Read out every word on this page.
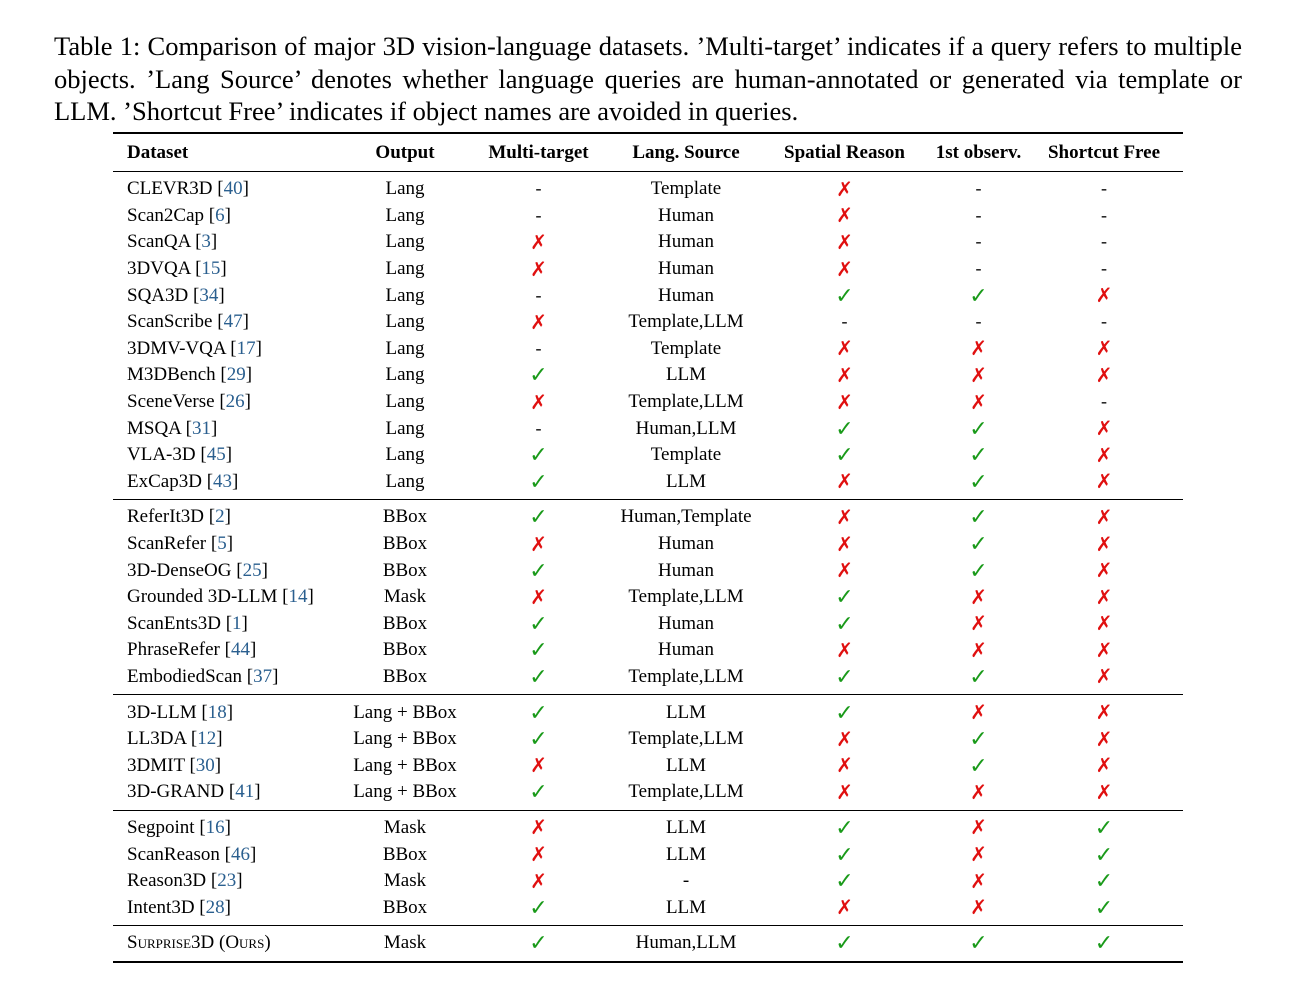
Table 1: Comparison of major 3D vision-language datasets. ’Multi-target’ indicates if a query refers to multiple objects. ’Lang Source’ denotes whether language queries are human-annotated or generated via template or LLM. ’Shortcut Free’ indicates if object names are avoided in queries.
Dataset	Output	Multi-target	Lang. Source	Spatial Reason	1st observ.	Shortcut Free
CLEVR3D [40]	Lang	-	Template	✗	-	-
Scan2Cap [6]	Lang	-	Human	✗	-	-
ScanQA [3]	Lang	✗	Human	✗	-	-
3DVQA [15]	Lang	✗	Human	✗	-	-
SQA3D [34]	Lang	-	Human	✓	✓	✗
ScanScribe [47]	Lang	✗	Template,LLM	-	-	-
3DMV-VQA [17]	Lang	-	Template	✗	✗	✗
M3DBench [29]	Lang	✓	LLM	✗	✗	✗
SceneVerse [26]	Lang	✗	Template,LLM	✗	✗	-
MSQA [31]	Lang	-	Human,LLM	✓	✓	✗
VLA-3D [45]	Lang	✓	Template	✓	✓	✗
ExCap3D [43]	Lang	✓	LLM	✗	✓	✗
ReferIt3D [2]	BBox	✓	Human,Template	✗	✓	✗
ScanRefer [5]	BBox	✗	Human	✗	✓	✗
3D-DenseOG [25]	BBox	✓	Human	✗	✓	✗
Grounded 3D-LLM [14]	Mask	✗	Template,LLM	✓	✗	✗
ScanEnts3D [1]	BBox	✓	Human	✓	✗	✗
PhraseRefer [44]	BBox	✓	Human	✗	✗	✗
EmbodiedScan [37]	BBox	✓	Template,LLM	✓	✓	✗
3D-LLM [18]	Lang + BBox	✓	LLM	✓	✗	✗
LL3DA [12]	Lang + BBox	✓	Template,LLM	✗	✓	✗
3DMIT [30]	Lang + BBox	✗	LLM	✗	✓	✗
3D-GRAND [41]	Lang + BBox	✓	Template,LLM	✗	✗	✗
Segpoint [16]	Mask	✗	LLM	✓	✗	✓
ScanReason [46]	BBox	✗	LLM	✓	✗	✓
Reason3D [23]	Mask	✗	-	✓	✗	✓
Intent3D [28]	BBox	✓	LLM	✗	✗	✓
Surprise3D (Ours)	Mask	✓	Human,LLM	✓	✓	✓
